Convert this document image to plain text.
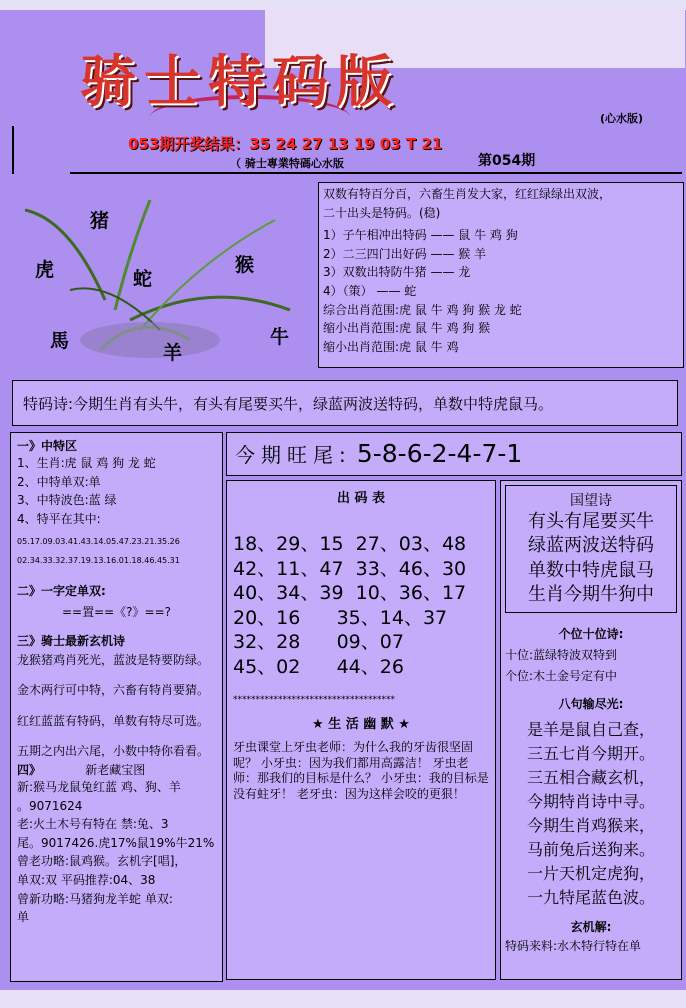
骑士特码版
(心水版)
053期开奖结果：35 24 27 13 19 03 T 21
（ 骑士專業特碼心水版	第054期
猪
虎	蛇
猴
馬	牛
羊
双数有特百分百，六畜生肖发大家，红红绿绿出双波，
二十出头是特码。(稳)
1）子午相冲出特码 —— 鼠 牛 鸡 狗
2）二三四门出好码 —— 猴 羊
3）双数出特防牛猪 —— 龙
4）（策） —— 蛇
综合出肖范围:虎 鼠 牛 鸡 狗 猴 龙 蛇
缩小出肖范围:虎 鼠 牛 鸡 狗 猴
缩小出肖范围:虎 鼠 牛 鸡
特码诗:今期生肖有头牛，有头有尾要买牛，绿蓝两波送特码，单数中特虎鼠马。
一》中特区
1、生肖:虎 鼠 鸡 狗 龙 蛇
2、中特单双:单
3、中特波色:蓝 绿
4、特平在其中:
05.17.09.03.41.43.14.05.47.23.21.35.26
02.34.33.32.37.19.13.16.01.18.46.45.31
二》一字定单双:
==置==《?》==?
三》骑士最新玄机诗
龙猴猪鸡肖死光，蓝波是特要防绿。
金木两行可中特，六畜有特肖要猜。
红红蓝蓝有特码，单数有特尽可选。
五期之内出六尾，小数中特你看看。
四》	新老藏宝图
新:猴马龙鼠兔红蓝 鸡、狗、羊
。9071624
老:火土木号有特在 禁:兔、3
尾。9017426.虎17%鼠19%牛21%
曾老功略:鼠鸡猴。玄机字[唱]，
单双:双 平码推荐:04、38
曾新功略:马猪狗龙羊蛇 单双:
单
今期旺尾: 5-8-6-2-4-7-1
出 码 表
18、29、15  27、03、48
42、11、47  33、46、30
40、34、39  10、36、17
20、16      35、14、37
32、28      09、07
45、02      44、26
************************************
★ 生 活 幽 默 ★
牙虫课堂上牙虫老师：为什么我的牙齿很坚固呢？ 小牙虫：因为我们都用高露洁！ 牙虫老师：那我们的目标是什么？ 小牙虫：我的目标是没有蛀牙！ 老牙虫：因为这样会咬的更狠！
国望诗
有头有尾要买牛
绿蓝两波送特码
单数中特虎鼠马
生肖今期牛狗中
个位十位诗:
十位:蓝绿特波双特到
个位:木土金号定有中
八句输尽光:
是羊是鼠自己查，
三五七肖今期开。
三五相合藏玄机，
今期特肖诗中寻。
今期生肖鸡猴来，
马前兔后送狗来。
一片天机定虎狗，
一九特尾蓝色波。
玄机解:
特码来料:水木特行特在单
